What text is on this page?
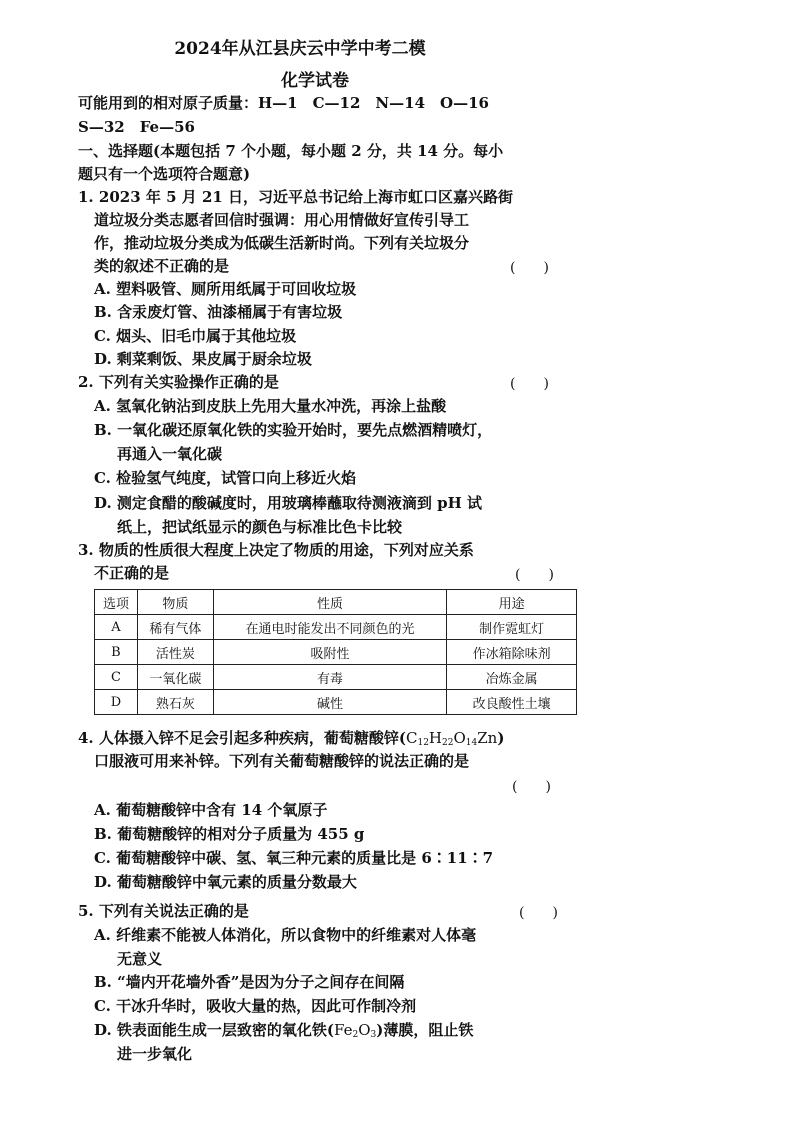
2024年从江县庆云中学中考二模
化学试卷
可能用到的相对原子质量：H—1　C—12　N—14　O—16
S—32　Fe—56
一、选择题(本题包括 7 个小题，每小题 2 分，共 14 分。每小
题只有一个选项符合题意)
1. 2023 年 5 月 21 日，习近平总书记给上海市虹口区嘉兴路街
道垃圾分类志愿者回信时强调：用心用情做好宣传引导工
作，推动垃圾分类成为低碳生活新时尚。下列有关垃圾分
类的叙述不正确的是	(　　)
A. 塑料吸管、厕所用纸属于可回收垃圾
B. 含汞废灯管、油漆桶属于有害垃圾
C. 烟头、旧毛巾属于其他垃圾
D. 剩菜剩饭、果皮属于厨余垃圾
2. 下列有关实验操作正确的是	(　　)
A. 氢氧化钠沾到皮肤上先用大量水冲洗，再涂上盐酸
B. 一氧化碳还原氧化铁的实验开始时，要先点燃酒精喷灯，
再通入一氧化碳
C. 检验氢气纯度，试管口向上移近火焰
D. 测定食醋的酸碱度时，用玻璃棒蘸取待测液滴到 pH 试
纸上，把试纸显示的颜色与标准比色卡比较
3. 物质的性质很大程度上决定了物质的用途，下列对应关系
不正确的是	(　　)
选项	物质	性质	用途
A	稀有气体	在通电时能发出不同颜色的光	制作霓虹灯
B	活性炭	吸附性	作冰箱除味剂
C	一氧化碳	有毒	冶炼金属
D	熟石灰	碱性	改良酸性土壤
4. 人体摄入锌不足会引起多种疾病，葡萄糖酸锌$(C_{12}H_{22}O_{14}Zn)$
口服液可用来补锌。下列有关葡萄糖酸锌的说法正确的是
(　　)
A. 葡萄糖酸锌中含有 14 个氧原子
B. 葡萄糖酸锌的相对分子质量为 455 g
C. 葡萄糖酸锌中碳、氢、氧三种元素的质量比是 6∶11∶7
D. 葡萄糖酸锌中氧元素的质量分数最大
5. 下列有关说法正确的是	(　　)
A. 纤维素不能被人体消化，所以食物中的纤维素对人体毫
无意义
B. “墙内开花墙外香”是因为分子之间存在间隔
C. 干冰升华时，吸收大量的热，因此可作制冷剂
D. 铁表面能生成一层致密的氧化铁$(Fe_2O_3)$薄膜，阻止铁
进一步氧化
